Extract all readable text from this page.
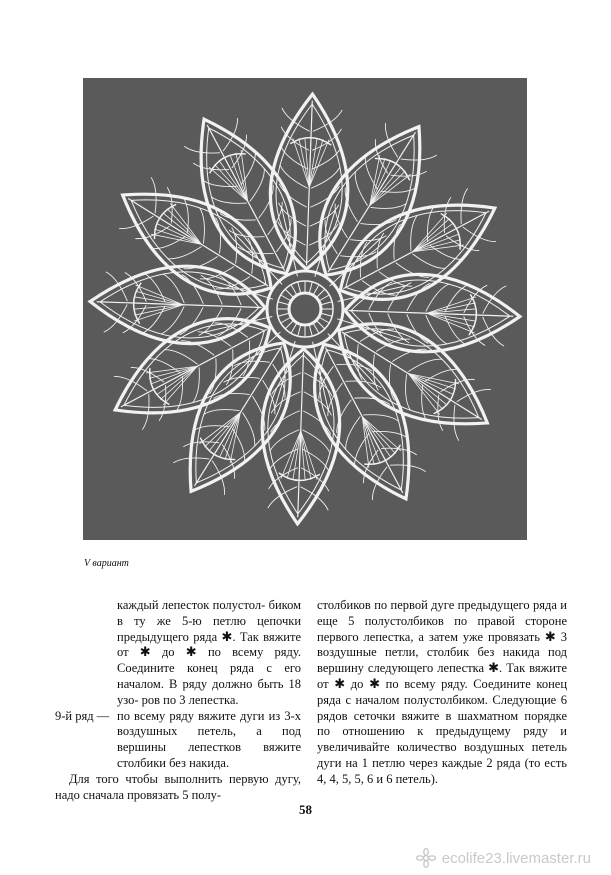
V вариант

каждый лепесток полустол- биком в ту же 5-ю петлю цепочки предыдущего ряда ✱. Так вяжите от ✱ до ✱ по всему ряду. Соедините конец ряда с его началом. В ряду должно быть 18 узо- ров по 3 лепестка.

9-й ряд — по всему ряду вяжите дуги из 3-х воздушных петель, а под вершины лепестков вяжите столбики без накида.

Для того чтобы выполнить первую дугу, надо сначала провязать 5 полу-

столбиков по первой дуге предыдущего ряда и еще 5 полустолбиков по правой стороне первого лепестка, а затем уже провязать ✱ 3 воздушные петли, столбик без накида под вершину следующего лепестка ✱. Так вяжите от ✱ до ✱ по всему ряду. Соедините конец ряда с началом полустолбиком. Следующие 6 рядов сеточки вяжите в шахматном порядке по отношению к предыдущему ряду и увеличивайте количество воздушных петель дуги на 1 петлю через каждые 2 ряда (то есть 4, 4, 5, 5, 6 и 6 петель).

58
ecolife23.livemaster.ru
